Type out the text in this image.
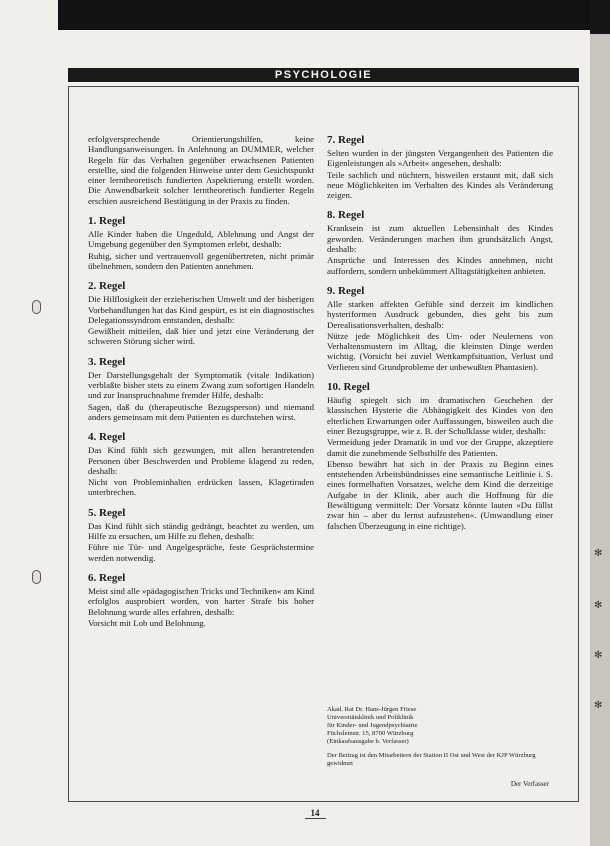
PSYCHOLOGIE

erfolgversprechende Orientierungshilfen, keine Handlungsanweisungen. In Anlehnung an DUMMER, welcher Regeln für das Verhalten gegenüber erwachsenen Patienten erstellte, sind die folgenden Hinweise unter dem Gesichtspunkt einer lerntheoretisch fundierten Aspektierung erstellt worden. Die Anwendbarkeit solcher lerntheoretisch fundierter Regeln erschien ausreichend Bestätigung in der Praxis zu finden.

1. Regel

Alle Kinder haben die Ungeduld, Ablehnung und Angst der Umgebung gegenüber den Symptomen erlebt, deshalb:

Ruhig, sicher und vertrauenvoll gegenübertreten, nicht primär übelnehmen, sondern den Patienten annehmen.

2. Regel

Die Hilflosigkeit der erzieherischen Umwelt und der bisherigen Vorbehandlungen hat das Kind gespürt, es ist ein diagnostisches Delegationssyndrom entstanden, deshalb:

Gewißheit mitteilen, daß hier und jetzt eine Veränderung der schweren Störung sicher wird.

3. Regel

Der Darstellungsgehalt der Symptomatik (vitale Indikation) verblaßte bisher stets zu einem Zwang zum sofortigen Handeln und zur Inanspruchnahme fremder Hilfe, deshalb:

Sagen, daß du (therapeutische Bezugsperson) und niemand anders gemeinsam mit dem Patienten es durchstehen wirst.

4. Regel

Das Kind fühlt sich gezwungen, mit allen herantretenden Personen über Beschwerden und Probleme klagend zu reden, deshalb:

Nicht von Probleminhalten erdrücken lassen, Klagetiraden unterbrechen.

5. Regel

Das Kind fühlt sich ständig gedrängt, beachtet zu werden, um Hilfe zu ersuchen, um Hilfe zu flehen, deshalb:

Führe nie Tür- und Angelgespräche, feste Gesprächstermine werden notwendig.

6. Regel

Meist sind alle »pädagogischen Tricks und Techniken« am Kind erfolglos ausprobiert worden, von harter Strafe bis hoher Belohnung wurde alles erfahren, deshalb:

Vorsicht mit Lob und Belohnung.

7. Regel

Selten wurden in der jüngsten Vergangenheit des Patienten die Eigenleistungen als »Arbeit« angesehen, deshalb:

Teile sachlich und nüchtern, bisweilen erstaunt mit, daß sich neue Möglichkeiten im Verhalten des Kindes als Veränderung zeigen.

8. Regel

Kranksein ist zum aktuellen Lebensinhalt des Kindes geworden. Veränderungen machen ihm grundsätzlich Angst, deshalb:

Ansprüche und Interessen des Kindes annehmen, nicht auffordern, sondern unbekümmert Alltagstätigkeiten anbieten.

9. Regel

Alle starken affekten Gefühle sind derzeit im kindlichen hysteriformen Ausdruck gebunden, dies geht bis zum Derealisationsverhalten, deshalb:

Nütze jede Möglichkeit des Um- oder Neulernens von Verhaltensmustern im Alltag, die kleinsten Dinge werden wichtig. (Vorsicht bei zuviel Wettkampfsituation, Verlust und Verlieren sind Grundprobleme der unbewußten Phantasien).

10. Regel

Häufig spiegelt sich im dramatischen Geschehen der klassischen Hysterie die Abhängigkeit des Kindes von den elterlichen Erwartungen oder Auffassungen, bisweilen auch die einer Bezugsgruppe, wie z. B. der Schulklasse wider, deshalb:

Vermeidung jeder Dramatik in und vor der Gruppe, akzeptiere damit die zunehmende Selbsthilfe des Patienten.

Ebenso bewährt hat sich in der Praxis zu Beginn eines entstehenden Arbeitsbündnisses eine semantische Leitlinie i. S. eines formelhaften Vorsatzes, welche dem Kind die derzeitige Aufgabe in der Klinik, aber auch die Hoffnung für die Bewältigung vermittelt: Der Vorsatz könnte lauten »Du fällst zwar hin – aber du lernst aufzustehen«. (Umwandlung einer falschen Überzeugung in eine richtige).

Akad. Rat Dr. Hans-Jürgen Friese
Universitätsklinik und Poliklinik
für Kinder- und Jugendpsychiatrie
Füchsleinstr. 15, 8700 Würzburg
(Einkaufsausgabe b. Verfasser)
Der Beitrag ist den Mitarbeitern der Station II Ost und West der KJP Würzburg gewidmet
Der Verfasser
14
✻
✻
✻
✻
